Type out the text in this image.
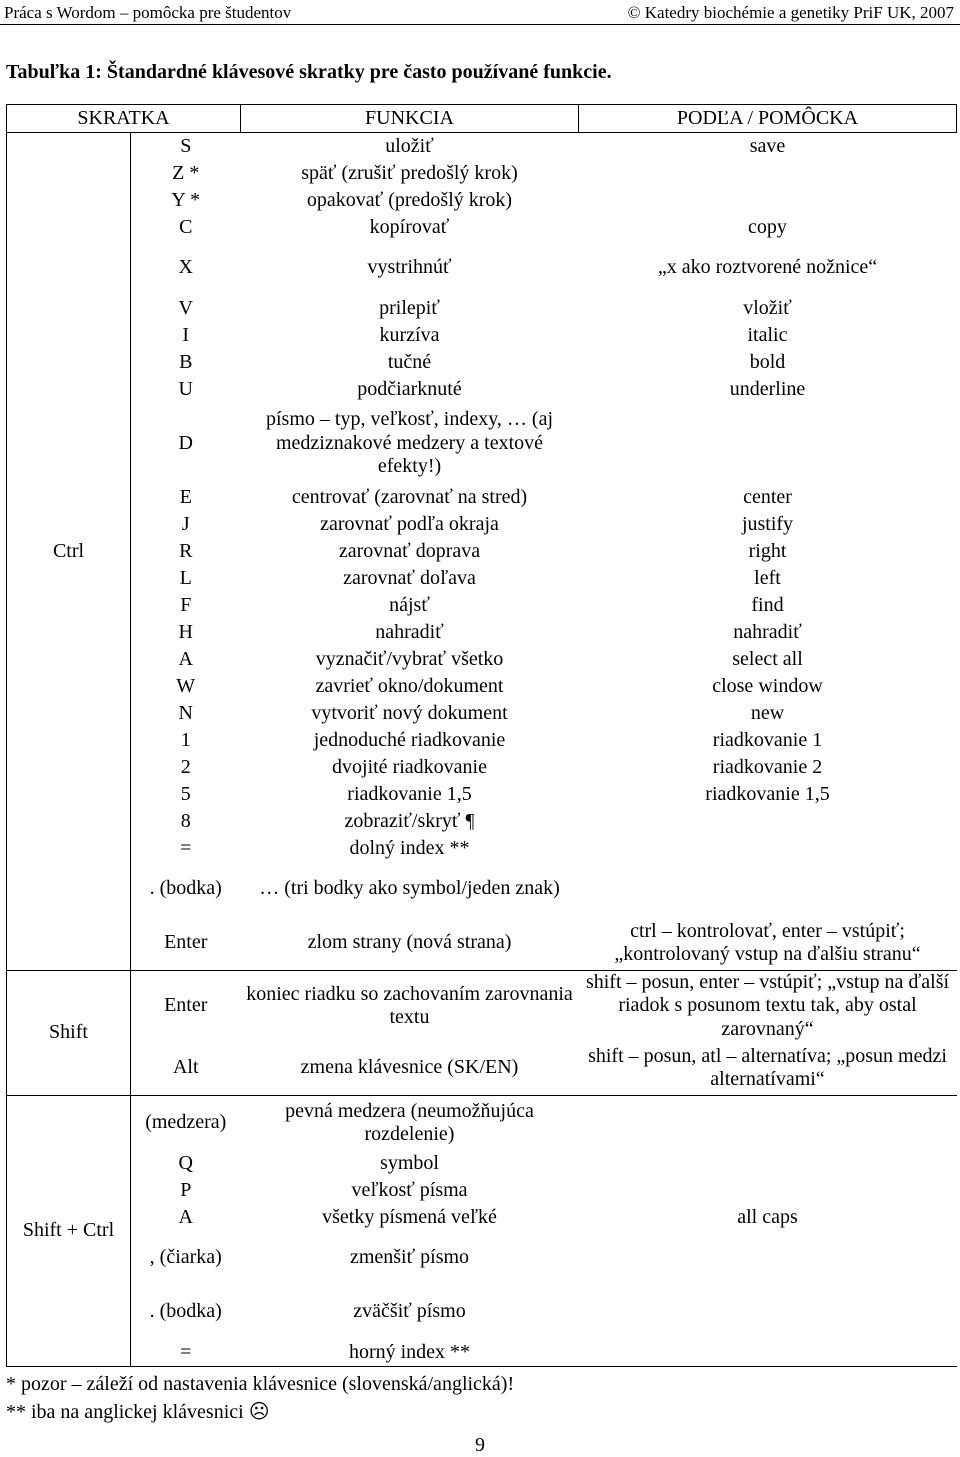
Práca s Wordom – pomôcka pre študentov	© Katedry biochémie a genetiky PriF UK, 2007
Tabuľka 1: Štandardné klávesové skratky pre často používané funkcie.
SKRATKA		FUNKCIA	PODĽA / POMÔCKA
Ctrl	S	uložiť	save
	Z *	späť (zrušiť predošlý krok)	
	Y *	opakovať (predošlý krok)	
	C	kopírovať	copy
	X	vystrihnúť	„x ako roztvorené nožnice“
	V	prilepiť	vložiť
	I	kurzíva	italic
	B	tučné	bold
	U	podčiarknuté	underline
	D	písmo – typ, veľkosť, indexy, … (aj medziznakové medzery a textové efekty!)	
	E	centrovať (zarovnať na stred)	center
	J	zarovnať podľa okraja	justify
	R	zarovnať doprava	right
	L	zarovnať doľava	left
	F	nájsť	find
	H	nahradiť	nahradiť
	A	vyznačiť/vybrať všetko	select all
	W	zavrieť okno/dokument	close window
	N	vytvoriť nový dokument	new
	1	jednoduché riadkovanie	riadkovanie 1
	2	dvojité riadkovanie	riadkovanie 2
	5	riadkovanie 1,5	riadkovanie 1,5
	8	zobraziť/skryť ¶	
	=	dolný index **	
	. (bodka)	… (tri bodky ako symbol/jeden znak)	
	Enter	zlom strany (nová strana)	ctrl – kontrolovať, enter – vstúpiť; „kontrolovaný vstup na ďalšiu stranu“
Shift	Enter	koniec riadku so zachovaním zarovnania textu	shift – posun, enter – vstúpiť; „vstup na ďalší riadok s posunom textu tak, aby ostal zarovnaný“
	Alt	zmena klávesnice (SK/EN)	shift – posun, atl – alternatíva; „posun medzi alternatívami“
Shift + Ctrl	(medzera)	pevná medzera (neumožňujúca rozdelenie)	
	Q	symbol	
	P	veľkosť písma	
	A	všetky písmená veľké	all caps
	, (čiarka)	zmenšiť písmo	
	. (bodka)	zväčšiť písmo	
	=	horný index **	
* pozor – záleží od nastavenia klávesnice (slovenská/anglická)!
** iba na anglickej klávesnici ☹
9
